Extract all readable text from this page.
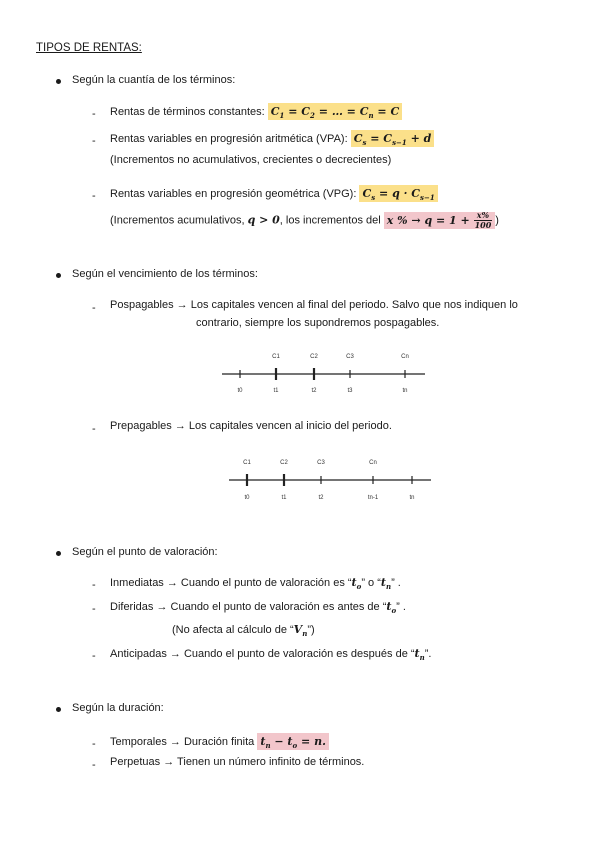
TIPOS DE RENTAS:
Según la cuantía de los términos:
- Rentas de términos constantes: $C_1 = C_2$ = … = $C_n = C$
- Rentas variables en progresión aritmética (VPA): $C_s = C_{s-1} + d$
(Incrementos no acumulativos, crecientes o decrecientes)
- Rentas variables en progresión geométrica (VPG): $C_s = q \cdot C_{s-1}$
(Incrementos acumulativos, q > 0, los incrementos del x % → $q = 1 + \frac{x\%}{100}$ )
Según el vencimiento de los términos:
- Pospagables → Los capitales vencen al final del periodo. Salvo que nos indiquen lo
contrario, siempre los supondremos pospagables.
C1	C2	C3	Cn
t0	t1	t2	t3	tn
- Prepagables → Los capitales vencen al inicio del periodo.
C1	C2	C3	Cn
t0	t1	t2	tn-1	tn
Según el punto de valoración:
- Inmediatas → Cuando el punto de valoración es “$t_o$” o “$t_n$” .
- Diferidas → Cuando el punto de valoración es antes de “$t_o$” .
(No afecta al cálculo de “$V_n$”)
- Anticipadas → Cuando el punto de valoración es después de “$t_n$”.
Según la duración:
- Temporales → Duración finita $t_n - t_o = n$.
- Perpetuas → Tienen un número infinito de términos.
